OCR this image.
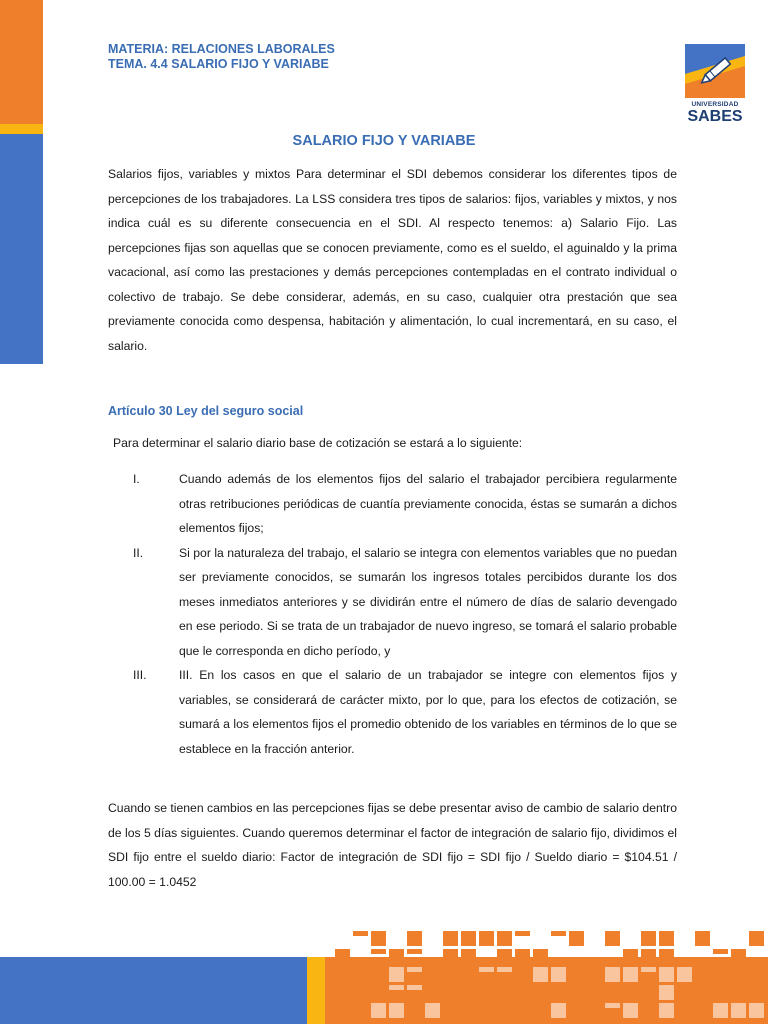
MATERIA: RELACIONES LABORALES
TEMA. 4.4 SALARIO FIJO Y VARIABE
UNIVERSIDAD
SABES
SALARIO FIJO Y VARIABE
Salarios fijos, variables y mixtos Para determinar el SDI debemos considerar los diferentes tipos de percepciones de los trabajadores. La LSS considera tres tipos de salarios: fijos, variables y mixtos, y nos indica cuál es su diferente consecuencia en el SDI. Al respecto tenemos: a) Salario Fijo. Las percepciones fijas son aquellas que se conocen previamente, como es el sueldo, el aguinaldo y la prima vacacional, así como las prestaciones y demás percepciones contempladas en el contrato individual o colectivo de trabajo. Se debe considerar, además, en su caso, cualquier otra prestación que sea previamente conocida como despensa, habitación y alimentación, lo cual incrementará, en su caso, el salario.
Artículo 30 Ley del seguro social
Para determinar el salario diario base de cotización se estará a lo siguiente:
I.	Cuando además de los elementos fijos del salario el trabajador percibiera regularmente otras retribuciones periódicas de cuantía previamente conocida, éstas se sumarán a dichos elementos fijos;
II.	Si por la naturaleza del trabajo, el salario se integra con elementos variables que no puedan ser previamente conocidos, se sumarán los ingresos totales percibidos durante los dos meses inmediatos anteriores y se dividirán entre el número de días de salario devengado en ese periodo. Si se trata de un trabajador de nuevo ingreso, se tomará el salario probable que le corresponda en dicho período, y
III.	III. En los casos en que el salario de un trabajador se integre con elementos fijos y variables, se considerará de carácter mixto, por lo que, para los efectos de cotización, se sumará a los elementos fijos el promedio obtenido de los variables en términos de lo que se establece en la fracción anterior.
Cuando se tienen cambios en las percepciones fijas se debe presentar aviso de cambio de salario dentro de los 5 días siguientes. Cuando queremos determinar el factor de integración de salario fijo, dividimos el SDI fijo entre el sueldo diario: Factor de integración de SDI fijo = SDI fijo / Sueldo diario = $104.51 / 100.00 = 1.0452
